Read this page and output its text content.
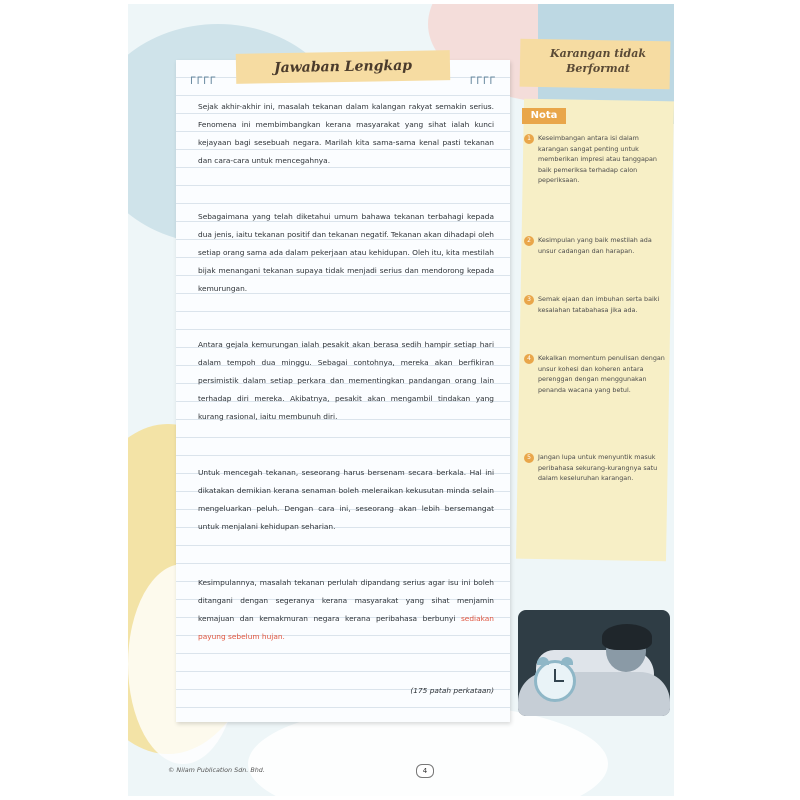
ᒥᒥᒥᒥ	ᒥᒥᒥᒥ
Jawaban Lengkap
Sejak akhir-akhir ini, masalah tekanan dalam kalangan rakyat semakin serius. Fenomena ini membimbangkan kerana masyarakat yang sihat ialah kunci kejayaan bagi sesebuah negara. Marilah kita sama-sama kenal pasti tekanan dan cara-cara untuk mencegahnya.
Sebagaimana yang telah diketahui umum bahawa tekanan terbahagi kepada dua jenis, iaitu tekanan positif dan tekanan negatif. Tekanan akan dihadapi oleh setiap orang sama ada dalam pekerjaan atau kehidupan. Oleh itu, kita mestilah bijak menangani tekanan supaya tidak menjadi serius dan mendorong kepada kemurungan.
Antara gejala kemurungan ialah pesakit akan berasa sedih hampir setiap hari dalam tempoh dua minggu. Sebagai contohnya, mereka akan berfikiran persimistik dalam setiap perkara dan mementingkan pandangan orang lain terhadap diri mereka. Akibatnya, pesakit akan mengambil tindakan yang kurang rasional, iaitu membunuh diri.
Untuk mencegah tekanan, seseorang harus bersenam secara berkala. Hal ini dikatakan demikian kerana senaman boleh meleraikan kekusutan minda selain mengeluarkan peluh. Dengan cara ini, seseorang akan lebih bersemangat untuk menjalani kehidupan seharian.
Kesimpulannya, masalah tekanan perlulah dipandang serius agar isu ini boleh ditangani dengan segeranya kerana masyarakat yang sihat menjamin kemajuan dan kemakmuran negara kerana peribahasa berbunyi sediakan payung sebelum hujan.
(175 patah perkataan)
Karangan tidak Berformat
Nota
1	Keseimbangan antara isi dalam karangan sangat penting untuk memberikan impresi atau tanggapan baik pemeriksa terhadap calon peperiksaan.
2	Kesimpulan yang baik mestilah ada unsur cadangan dan harapan.
3	Semak ejaan dan imbuhan serta baiki kesalahan tatabahasa jika ada.
4	Kekalkan momentum penulisan dengan unsur kohesi dan koheren antara perenggan dengan menggunakan penanda wacana yang betul.
5	Jangan lupa untuk menyuntik masuk peribahasa sekurang-kurangnya satu dalam keseluruhan karangan.
© Nilam Publication Sdn. Bhd.	4
